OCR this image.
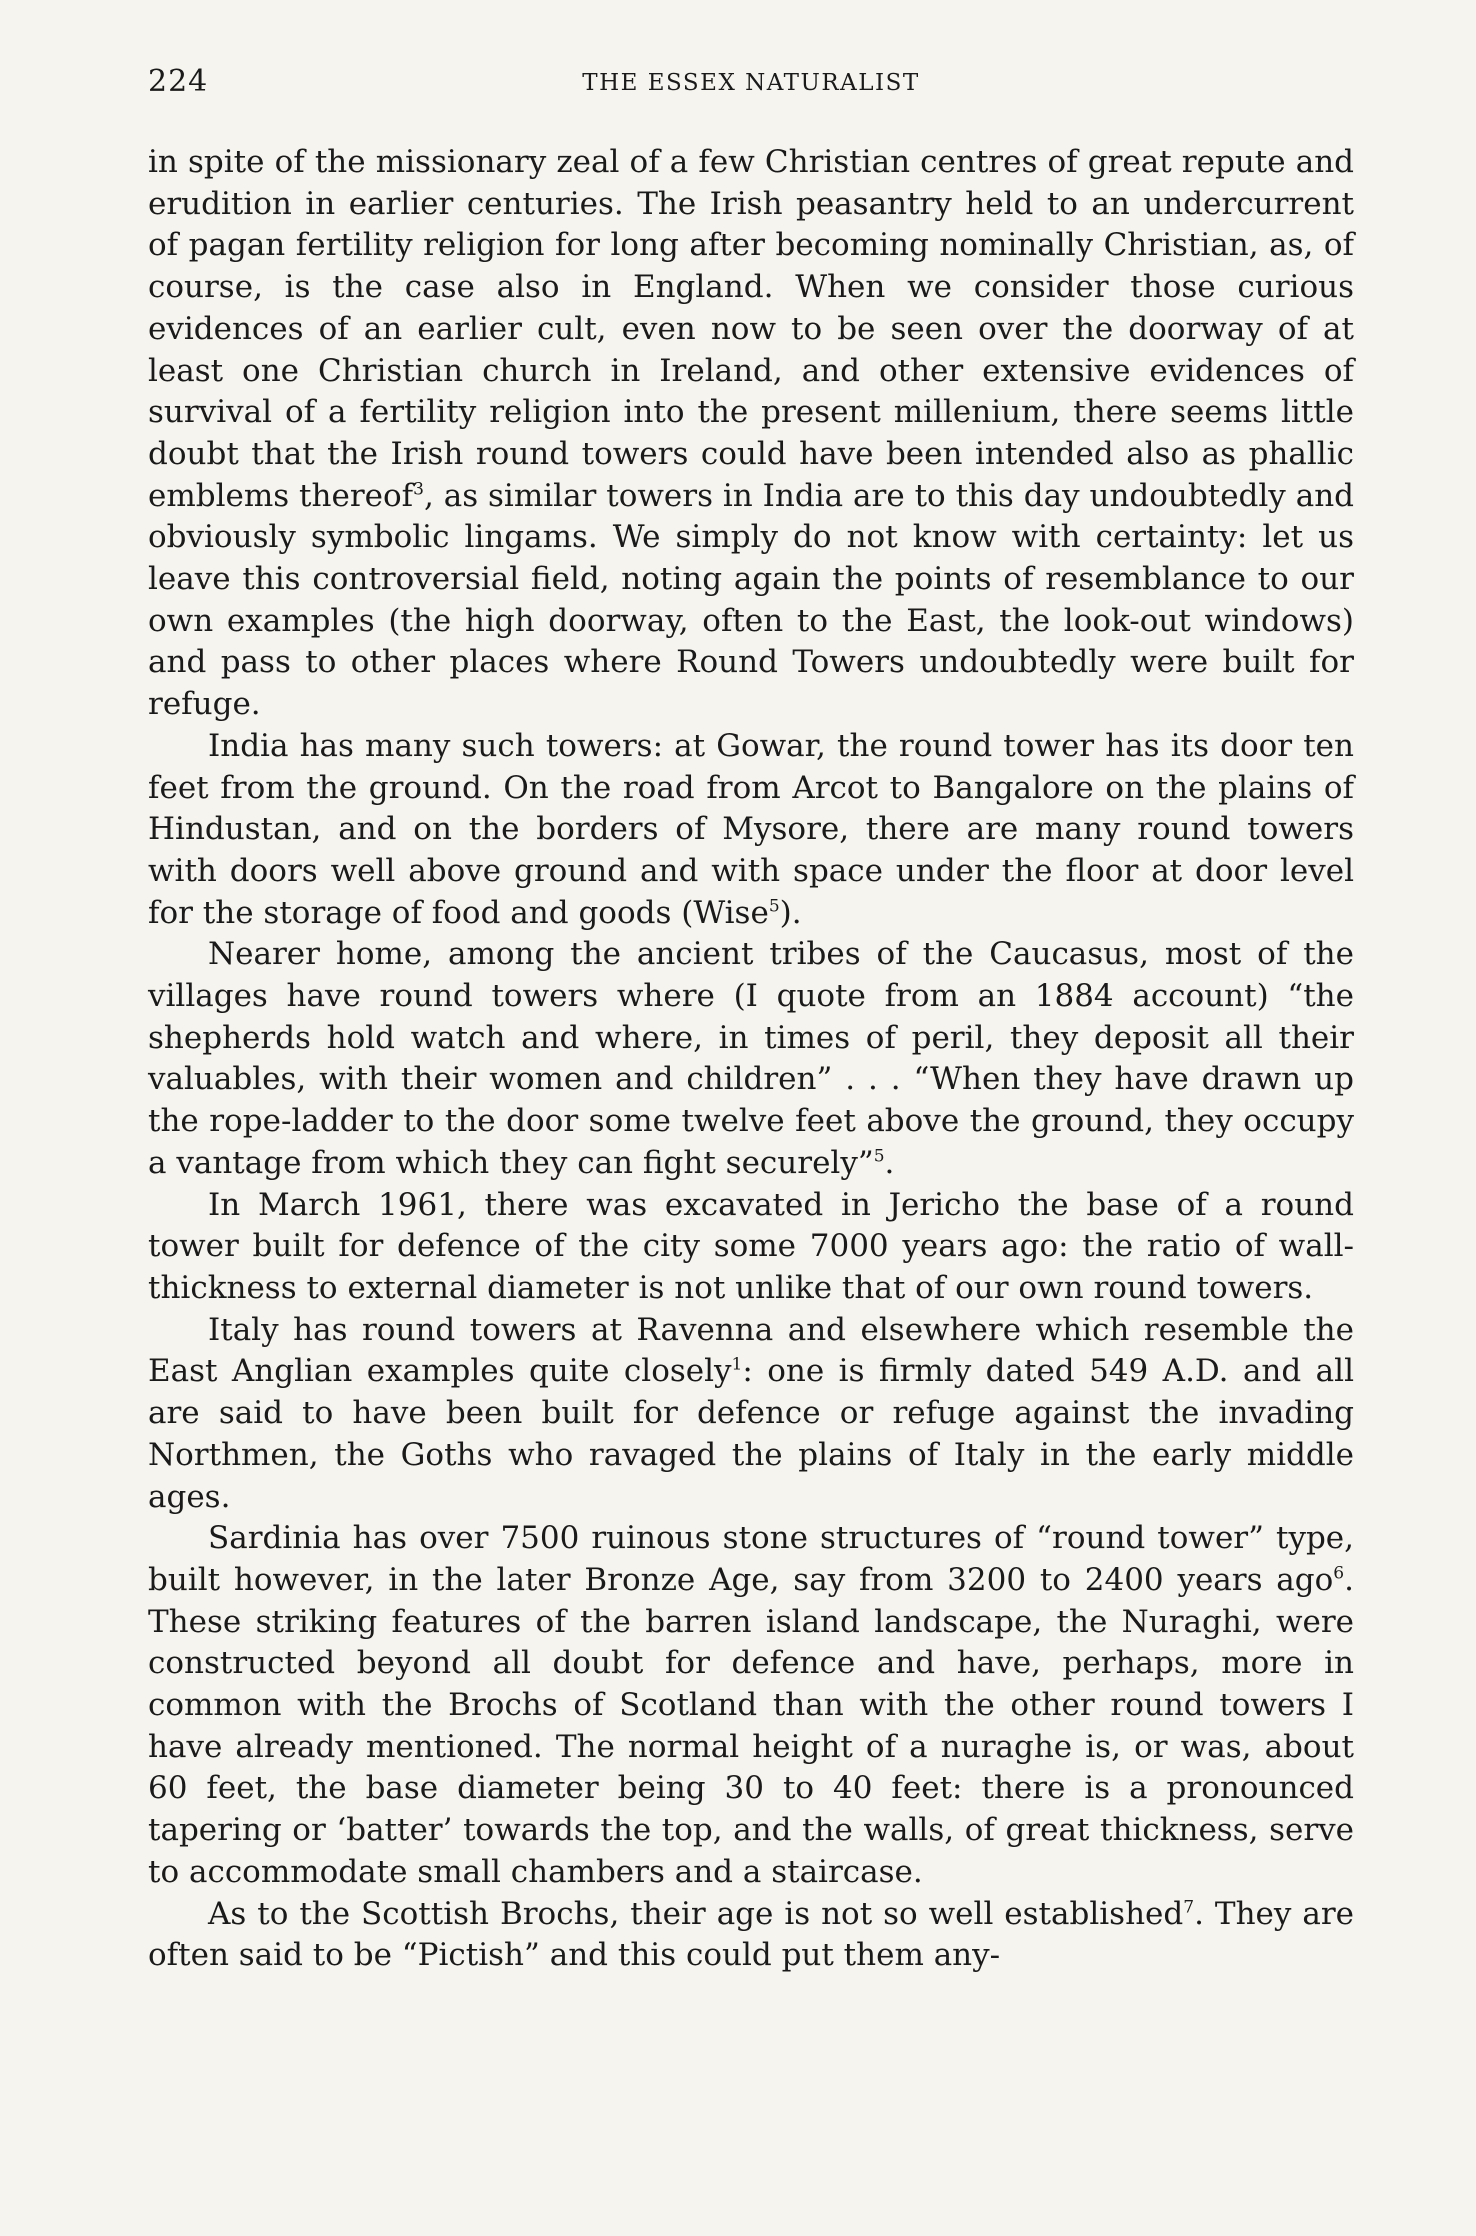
224	THE ESSEX NATURALIST

in spite of the missionary zeal of a few Christian centres of great repute and erudition in earlier centuries. The Irish peasantry held to an undercurrent of pagan fertility religion for long after becoming nominally Christian, as, of course, is the case also in England. When we consider those curious evidences of an earlier cult, even now to be seen over the doorway of at least one Christian church in Ireland, and other extensive evidences of survival of a fertility religion into the present millenium, there seems little doubt that the Irish round towers could have been intended also as phallic emblems thereof$^3$, as similar towers in India are to this day undoubtedly and obviously symbolic lingams. We simply do not know with certainty: let us leave this controversial field, noting again the points of resemblance to our own examples (the high doorway, often to the East, the look-out windows) and pass to other places where Round Towers undoubtedly were built for refuge.

India has many such towers: at Gowar, the round tower has its door ten feet from the ground. On the road from Arcot to Bangalore on the plains of Hindustan, and on the borders of Mysore, there are many round towers with doors well above ground and with space under the floor at door level for the storage of food and goods (Wise$^5$).

Nearer home, among the ancient tribes of the Caucasus, most of the villages have round towers where (I quote from an 1884 account) “the shepherds hold watch and where, in times of peril, they deposit all their valuables, with their women and children” . . . “When they have drawn up the rope-ladder to the door some twelve feet above the ground, they occupy a vantage from which they can fight securely”$^5$.

In March 1961, there was excavated in Jericho the base of a round tower built for defence of the city some 7000 years ago: the ratio of wall-thickness to external diameter is not unlike that of our own round towers.

Italy has round towers at Ravenna and elsewhere which resemble the East Anglian examples quite closely$^1$: one is firmly dated 549 A.D. and all are said to have been built for defence or refuge against the invading Northmen, the Goths who ravaged the plains of Italy in the early middle ages.

Sardinia has over 7500 ruinous stone structures of “round tower” type, built however, in the later Bronze Age, say from 3200 to 2400 years ago$^6$. These striking features of the barren island landscape, the Nuraghi, were constructed beyond all doubt for defence and have, perhaps, more in common with the Brochs of Scotland than with the other round towers I have already mentioned. The normal height of a nuraghe is, or was, about 60 feet, the base diameter being 30 to 40 feet: there is a pronounced tapering or ‘batter’ towards the top, and the walls, of great thickness, serve to accommodate small chambers and a staircase.

As to the Scottish Brochs, their age is not so well established$^7$. They are often said to be “Pictish” and this could put them any-
